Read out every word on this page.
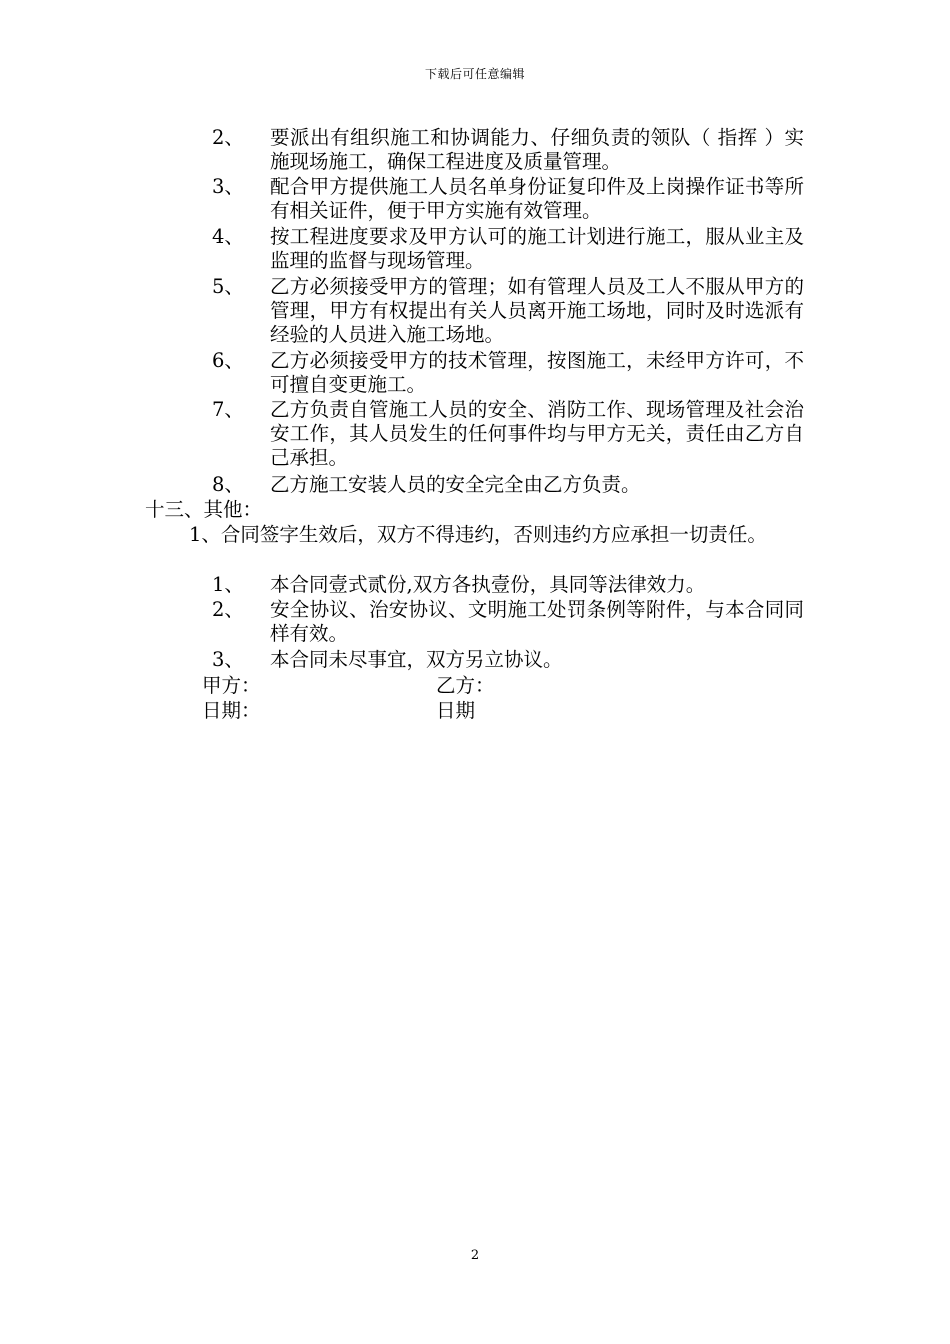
下载后可任意编辑
2、	要派出有组织施工和协调能力、仔细负责的领队（ 指挥 ）实施现场施工，确保工程进度及质量管理。
3、	配合甲方提供施工人员名单身份证复印件及上岗操作证书等所有相关证件，便于甲方实施有效管理。
4、	按工程进度要求及甲方认可的施工计划进行施工，服从业主及监理的监督与现场管理。
5、	乙方必须接受甲方的管理；如有管理人员及工人不服从甲方的管理，甲方有权提出有关人员离开施工场地，同时及时选派有经验的人员进入施工场地。
6、	乙方必须接受甲方的技术管理，按图施工，未经甲方许可，不可擅自变更施工。
7、	乙方负责自管施工人员的安全、消防工作、现场管理及社会治安工作，其人员发生的任何事件均与甲方无关，责任由乙方自己承担。
8、	乙方施工安装人员的安全完全由乙方负责。
十三、其他：
1、合同签字生效后，双方不得违约，否则违约方应承担一切责任。
1、	本合同壹式贰份,双方各执壹份，具同等法律效力。
2、	安全协议、治安协议、文明施工处罚条例等附件，与本合同同样有效。
3、	本合同未尽事宜，双方另立协议。
甲方：	乙方：
日期：	日期
2
